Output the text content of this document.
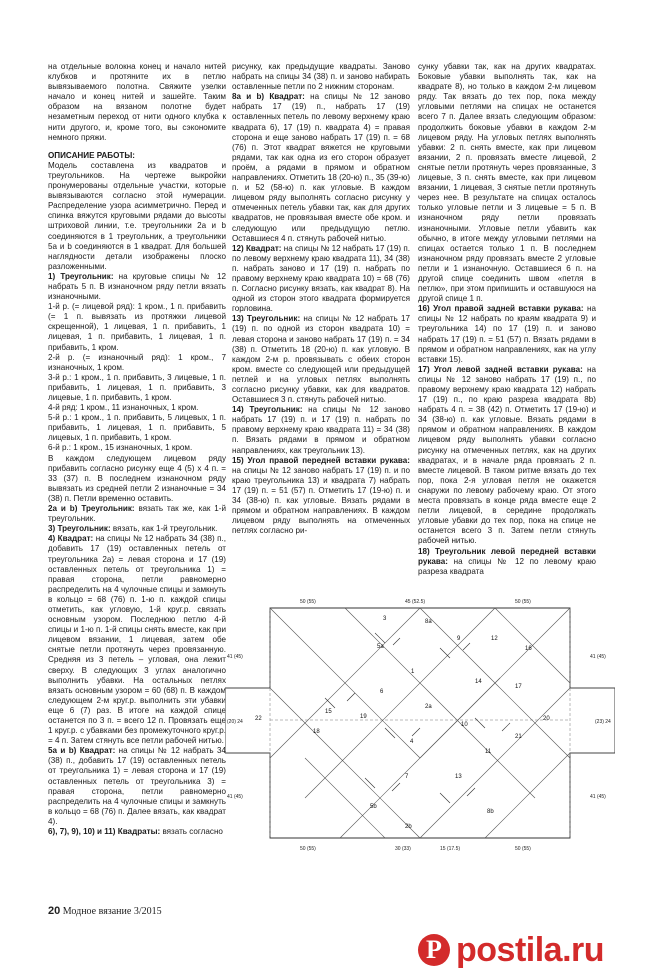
на отдельные волокна конец и начало нитей клубков и протяните их в петлю вывязываемого полотна. Свяжите узелки начало и конец нитей и зашейте. Таким образом на вязаном полотне будет незаметным переход от нити одного клубка к нити другого, и, кроме того, вы сэкономите немного пряжи.

ОПИСАНИЕ РАБОТЫ:

Модель составлена из квадратов и треугольников. На чертеже выкройки пронумерованы отдельные участки, которые вывязываются согласно этой нумерации. Распределение узора асимметрично. Перед и спинка вяжутся круговыми рядами до высоты штриховой линии, т.е. треугольники 2a и b соединяются в 1 треугольник, а треугольники 5a и b соединяются в 1 квадрат. Для большей наглядности детали изображены плоско разложенными.

1) Треугольник: на круговые спицы № 12 набрать 5 п. В изнаночном ряду петли вязать изнаночными.

1-й р. (= лицевой ряд): 1 кром., 1 п. прибавить (= 1 п. вывязать из протяжки лицевой скрещенной), 1 лицевая, 1 п. прибавить, 1 лицевая, 1 п. прибавить, 1 лицевая, 1 п. прибавить, 1 кром.

2-й р. (= изнаночный ряд): 1 кром., 7 изнаночных, 1 кром.

3-й р.: 1 кром., 1 п. прибавить, 3 лицевые, 1 п. прибавить, 1 лицевая, 1 п. прибавить, 3 лицевые, 1 п. прибавить, 1 кром.

4-й ряд: 1 кром., 11 изнаночных, 1 кром.

5-й р.: 1 кром., 1 п. прибавить, 5 лицевых, 1 п. прибавить, 1 лицевая, 1 п. прибавить, 5 лицевых, 1 п. прибавить, 1 кром.

6-й р.: 1 кром., 15 изнаночных, 1 кром.

В каждом следующем лицевом ряду прибавить согласно рисунку еще 4 (5) x 4 п. = 33 (37) п. В последнем изнаночном ряду вывязать из средней петли 2 изнаночные = 34 (38) п. Петли временно оставить.

2a и b) Треугольник: вязать так же, как 1-й треугольник.

3) Треугольник: вязать, как 1-й треугольник.

4) Квадрат: на спицы № 12 набрать 34 (38) п., добавить 17 (19) оставленных петель от треугольника 2a) = левая сторона и 17 (19) оставленных петель от треугольника 1) = правая сторона, петли равномерно распределить на 4 чулочные спицы и замкнуть в кольцо = 68 (76) п. 1-ю п. каждой спицы отметить, как угловую, 1-й круг.р. связать основным узором. Последнюю петлю 4-й спицы и 1-ю п. 1-й спицы снять вместе, как при лицевом вязании, 1 лицевая, затем обе снятые петли протянуть через провязанную. Средняя из 3 петель – угловая, она лежит сверху. В следующих 3 углах аналогично выполнить убавки. На остальных петлях вязать основным узором = 60 (68) п. В каждом следующем 2-м круг.р. выполнить эти убавки еще 6 (7) раз. В итоге на каждой спице останется по 3 п. = всего 12 п. Провязать еще 1 круг.р. с убавками без промежуточного круг.р. = 4 п. Затем стянуть все петли рабочей нитью.

5a и b) Квадрат: на спицы № 12 набрать 34 (38) п., добавить 17 (19) оставленных петель от треугольника 1) = левая сторона и 17 (19) оставленных петель от треугольника 3) = правая сторона, петли равномерно распределить на 4 чулочные спицы и замкнуть в кольцо = 68 (76) п. Далее вязать, как квадрат 4).

6), 7), 9), 10) и 11) Квадраты: вязать согласно

рисунку, как предыдущие квадраты. Заново набрать на спицы 34 (38) п. и заново набирать оставленные петли по 2 нижним сторонам.

8a и b) Квадрат: на спицы № 12 заново набрать 17 (19) п., набрать 17 (19) оставленных петель по левому верхнему краю квадрата 6), 17 (19) п. квадрата 4) = правая сторона и еще заново набрать 17 (19) п. = 68 (76) п. Этот квадрат вяжется не круговыми рядами, так как одна из его сторон образует проём, а рядами в прямом и обратном направлениях. Отметить 18 (20-ю) п., 35 (39-ю) п. и 52 (58-ю) п. как угловые. В каждом лицевом ряду выполнять согласно рисунку у отмеченных петель убавки так, как для других квадратов, не провязывая вместе обе кром. и следующую или предыдущую петлю. Оставшиеся 4 п. стянуть рабочей нитью.

12) Квадрат: на спицы № 12 набрать 17 (19) п. по левому верхнему краю квадрата 11), 34 (38) п. набрать заново и 17 (19) п. набрать по правому верхнему краю квадрата 10) = 68 (76) п. Согласно рисунку вязать, как квадрат 8). На одной из сторон этого квадрата формируется горловина.

13) Треугольник: на спицы № 12 набрать 17 (19) п. по одной из сторон квадрата 10) = левая сторона и заново набрать 17 (19) п. = 34 (38) п. Отметить 18 (20-ю) п. как угловую. В каждом 2-м р. провязывать с обеих сторон кром. вместе со следующей или предыдущей петлей и на угловых петлях выполнять согласно рисунку убавки, как для квадратов. Оставшиеся 3 п. стянуть рабочей нитью.

14) Треугольник: на спицы № 12 заново набрать 17 (19) п. и 17 (19) п. набрать по правому верхнему краю квадрата 11) = 34 (38) п. Вязать рядами в прямом и обратном направлениях, как треугольник 13).

15) Угол правой передней вставки рукава: на спицы № 12 заново набрать 17 (19) п. и по краю треугольника 13) и квадрата 7) набрать 17 (19) п. = 51 (57) п. Отметить 17 (19-ю) п. и 34 (38-ю) п. как угловые. Вязать рядами в прямом и обратном направлениях. В каждом лицевом ряду выполнять на отмеченных петлях согласно ри-

сунку убавки так, как на других квадратах. Боковые убавки выполнять так, как на квадрате 8), но только в каждом 2-м лицевом ряду. Так вязать до тех пор, пока между угловыми петлями на спицах не останется всего 7 п. Далее вязать следующим образом: продолжить боковые убавки в каждом 2-м лицевом ряду. На угловых петлях выполнять убавки: 2 п. снять вместе, как при лицевом вязании, 2 п. провязать вместе лицевой, 2 снятые петли протянуть через провязанные, 3 лицевые, 3 п. снять вместе, как при лицевом вязании, 1 лицевая, 3 снятые петли протянуть через нее. В результате на спицах осталось только угловые петли и 3 лицевые = 5 п. В изнаночном ряду петли провязать изнаночными. Угловые петли убавить как обычно, в итоге между угловыми петлями на спицах остается только 1 п. В последнем изнаночном ряду провязать вместе 2 угловые петли и 1 изнаночную. Оставшиеся 6 п. на другой спице соединить швом «петля в петлю», при этом припишить и оставшуюся на другой спице 1 п.

16) Угол правой задней вставки рукава: на спицы № 12 набрать по краям квадрата 9) и треугольника 14) по 17 (19) п. и заново набрать 17 (19) п. = 51 (57) п. Вязать рядами в прямом и обратном направлениях, как на углу вставки 15).

17) Угол левой задней вставки рукава: на спицы № 12 заново набрать 17 (19) п., по правому верхнему краю квадрата 12) набрать 17 (19) п., по краю разреза квадрата 8b) набрать 4 п. = 38 (42) п. Отметить 17 (19-ю) и 34 (38-ю) п. как угловые. Вязать рядами в прямом и обратном направлениях. В каждом лицевом ряду выполнять убавки согласно рисунку на отмеченных петлях, как на других квадратах, и в начале ряда провязать 2 п. вместе лицевой. В таком ритме вязать до тех пор, пока 2-я угловая петля не окажется снаружи по левому рабочему краю. От этого места провязать в конце ряда вместе еще 2 петли лицевой, в середине продолжать угловые убавки до тех пор, пока на спице не останется всего 3 п. Затем петли стянуть рабочей нитью.

18) Треугольник левой передней вставки рукава: на спицы № 12 по левому краю разреза квадрата

50 (55)	45 (52.5)	50 (55)
41 (45)	41 (45)
(20) 24	(23) 24
41 (45)	41 (45)
50 (55)	30 (33)	15 (17.5)	50 (55)
3
5a
8a
1
9	12
16
6
2a
14
10
17
22
18
15
19	20
21
4
7
11
13
5b
2b
8b
20 Модное вязание 3/2015
P postila.ru
